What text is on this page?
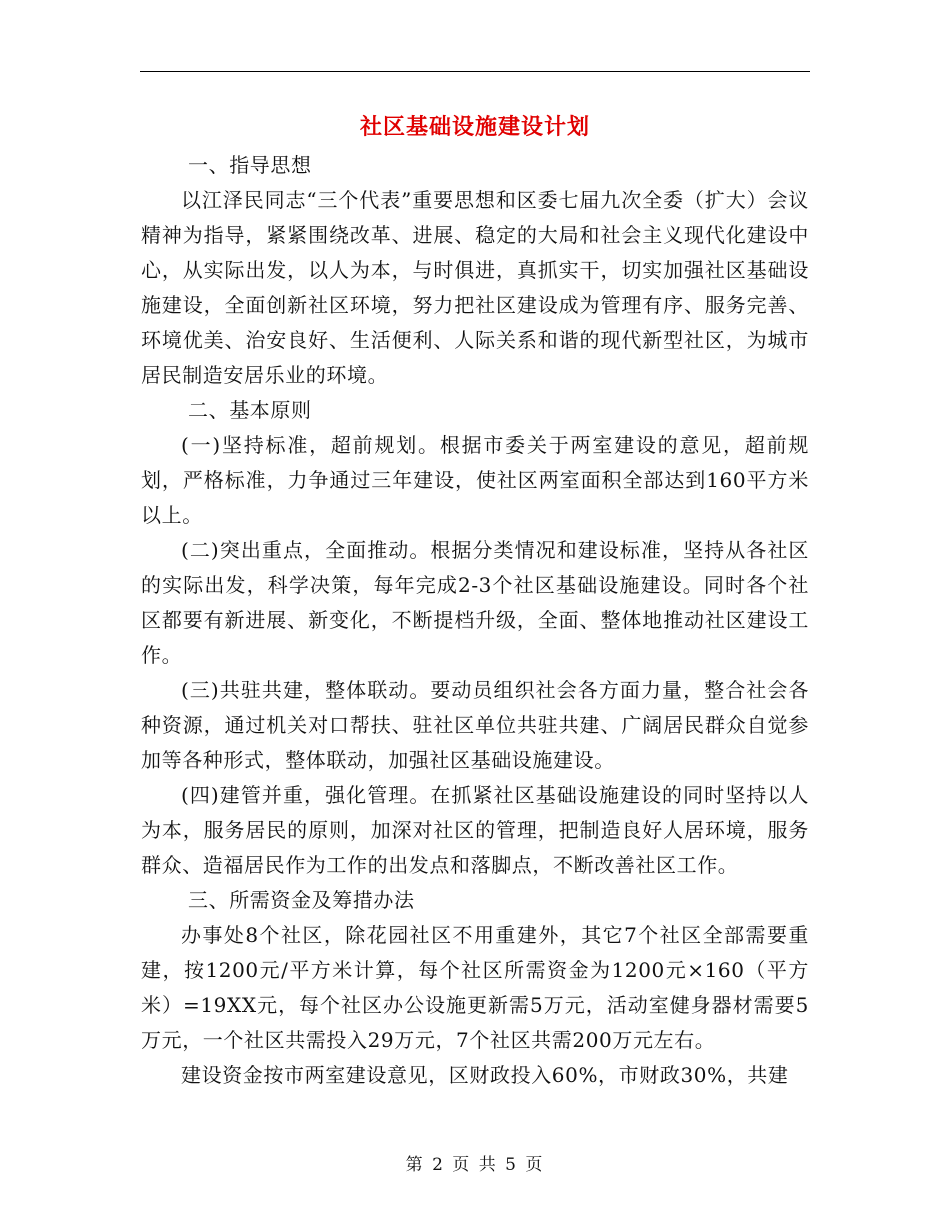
社区基础设施建设计划

一、指导思想

以江泽民同志“三个代表”重要思想和区委七届九次全委（扩大）会议精神为指导，紧紧围绕改革、进展、稳定的大局和社会主义现代化建设中心，从实际出发，以人为本，与时俱进，真抓实干，切实加强社区基础设施建设，全面创新社区环境，努力把社区建设成为管理有序、服务完善、环境优美、治安良好、生活便利、人际关系和谐的现代新型社区，为城市居民制造安居乐业的环境。

二、基本原则

(一)坚持标准，超前规划。根据市委关于两室建设的意见，超前规划，严格标准，力争通过三年建设，使社区两室面积全部达到160平方米以上。

(二)突出重点，全面推动。根据分类情况和建设标准，坚持从各社区的实际出发，科学决策，每年完成2-3个社区基础设施建设。同时各个社区都要有新进展、新变化，不断提档升级，全面、整体地推动社区建设工作。

(三)共驻共建，整体联动。要动员组织社会各方面力量，整合社会各种资源，通过机关对口帮扶、驻社区单位共驻共建、广阔居民群众自觉参加等各种形式，整体联动，加强社区基础设施建设。

(四)建管并重，强化管理。在抓紧社区基础设施建设的同时坚持以人为本，服务居民的原则，加深对社区的管理，把制造良好人居环境，服务群众、造福居民作为工作的出发点和落脚点，不断改善社区工作。

三、所需资金及筹措办法

办事处8个社区，除花园社区不用重建外，其它7个社区全部需要重建，按1200元/平方米计算，每个社区所需资金为1200元×160（平方米）=19XX元，每个社区办公设施更新需5万元，活动室健身器材需要5万元，一个社区共需投入29万元，7个社区共需200万元左右。

建设资金按市两室建设意见，区财政投入60%，市财政30%，共建

第 2 页 共 5 页
